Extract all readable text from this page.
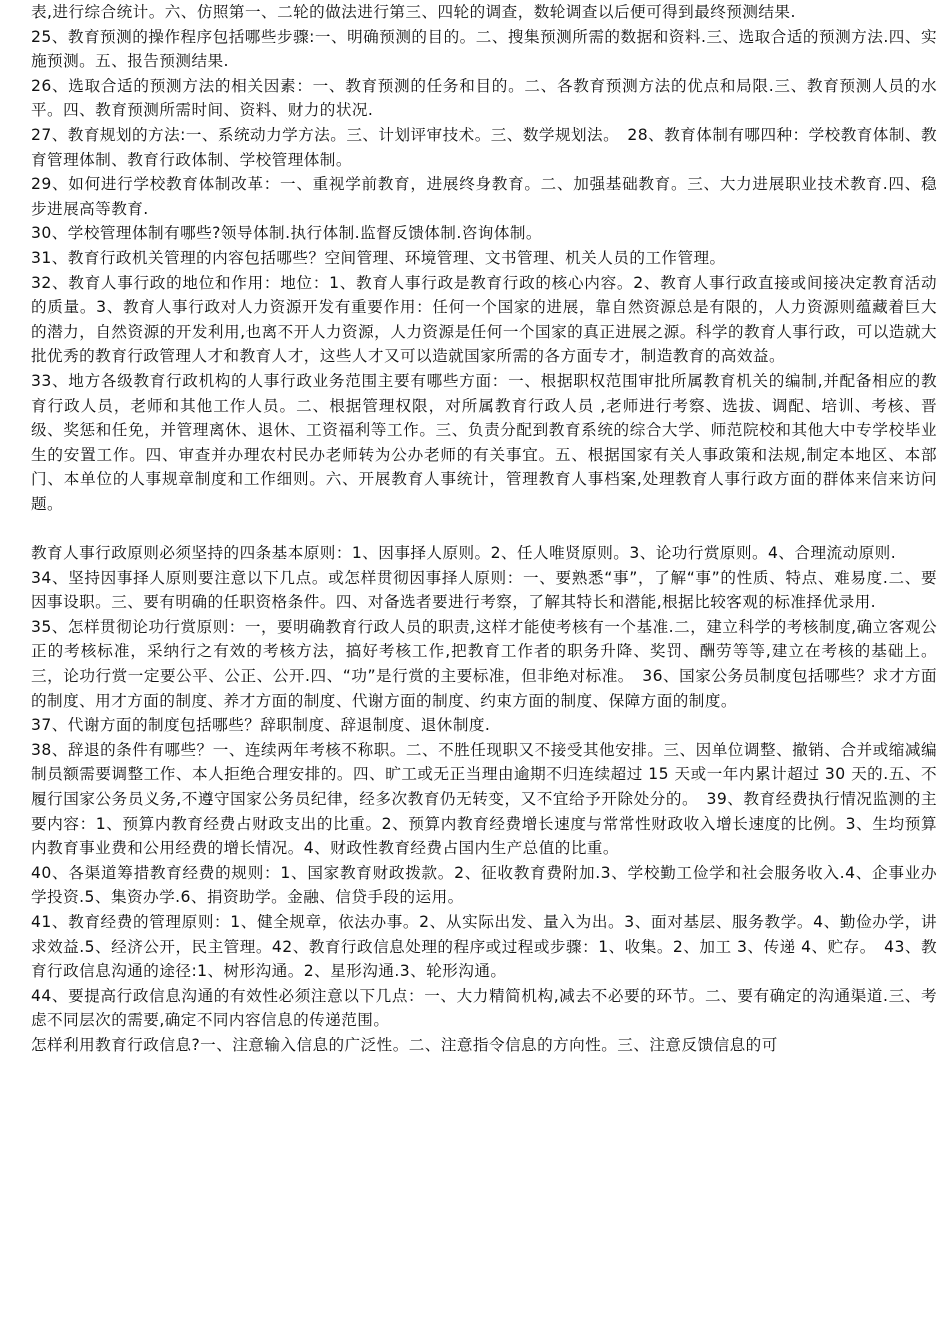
表,进行综合统计。六、仿照第一、二轮的做法进行第三、四轮的调查，数轮调查以后便可得到最终预测结果.

25、教育预测的操作程序包括哪些步骤:一、明确预测的目的。二、搜集预测所需的数据和资料.三、选取合适的预测方法.四、实施预测。五、报告预测结果.

26、选取合适的预测方法的相关因素：一、教育预测的任务和目的。二、各教育预测方法的优点和局限.三、教育预测人员的水平。四、教育预测所需时间、资料、财力的状况.

27、教育规划的方法:一、系统动力学方法。三、计划评审技术。三、数学规划法。　28、教育体制有哪四种：学校教育体制、教育管理体制、教育行政体制、学校管理体制。

29、如何进行学校教育体制改革：一、重视学前教育，进展终身教育。二、加强基础教育。三、大力进展职业技术教育.四、稳步进展高等教育.

30、学校管理体制有哪些?领导体制.执行体制.监督反馈体制.咨询体制。

31、教育行政机关管理的内容包括哪些？空间管理、环境管理、文书管理、机关人员的工作管理。

32、教育人事行政的地位和作用：地位：1、教育人事行政是教育行政的核心内容。2、教育人事行政直接或间接决定教育活动的质量。3、教育人事行政对人力资源开发有重要作用：任何一个国家的进展，靠自然资源总是有限的，人力资源则蕴藏着巨大的潜力，自然资源的开发利用,也离不开人力资源，人力资源是任何一个国家的真正进展之源。科学的教育人事行政，可以造就大批优秀的教育行政管理人才和教育人才，这些人才又可以造就国家所需的各方面专才，制造教育的高效益。

33、地方各级教育行政机构的人事行政业务范围主要有哪些方面：一、根据职权范围审批所属教育机关的编制,并配备相应的教育行政人员，老师和其他工作人员。二、根据管理权限，对所属教育行政人员 ,老师进行考察、选拔、调配、培训、考核、晋级、奖惩和任免，并管理离休、退休、工资福利等工作。三、负责分配到教育系统的综合大学、师范院校和其他大中专学校毕业生的安置工作。四、审查并办理农村民办老师转为公办老师的有关事宜。五、根据国家有关人事政策和法规,制定本地区、本部门、本单位的人事规章制度和工作细则。六、开展教育人事统计，管理教育人事档案,处理教育人事行政方面的群体来信来访问题。

教育人事行政原则必须坚持的四条基本原则：1、因事择人原则。2、任人唯贤原则。3、论功行赏原则。4、合理流动原则.

34、坚持因事择人原则要注意以下几点。或怎样贯彻因事择人原则：一、要熟悉“事”，了解“事”的性质、特点、难易度.二、要因事设职。三、要有明确的任职资格条件。四、对备选者要进行考察，了解其特长和潜能,根据比较客观的标准择优录用.

35、怎样贯彻论功行赏原则：一，要明确教育行政人员的职责,这样才能使考核有一个基准.二，建立科学的考核制度,确立客观公正的考核标准，采纳行之有效的考核方法，搞好考核工作,把教育工作者的职务升降、奖罚、酬劳等等,建立在考核的基础上。三，论功行赏一定要公平、公正、公开.四、“功”是行赏的主要标准，但非绝对标准。　36、国家公务员制度包括哪些？求才方面的制度、用才方面的制度、养才方面的制度、代谢方面的制度、约束方面的制度、保障方面的制度。

37、代谢方面的制度包括哪些？辞职制度、辞退制度、退休制度.

38、辞退的条件有哪些？一、连续两年考核不称职。二、不胜任现职又不接受其他安排。三、因单位调整、撤销、合并或缩减编制员额需要调整工作、本人拒绝合理安排的。四、旷工或无正当理由逾期不归连续超过 15 天或一年内累计超过 30 天的.五、不履行国家公务员义务,不遵守国家公务员纪律，经多次教育仍无转变，又不宜给予开除处分的。　39、教育经费执行情况监测的主要内容：1、预算内教育经费占财政支出的比重。2、预算内教育经费增长速度与常常性财政收入增长速度的比例。3、生均预算内教育事业费和公用经费的增长情况。4、财政性教育经费占国内生产总值的比重。

40、各渠道筹措教育经费的规则：1、国家教育财政拨款。2、征收教育费附加.3、学校勤工俭学和社会服务收入.4、企事业办学投资.5、集资办学.6、捐资助学。金融、信贷手段的运用。

41、教育经费的管理原则：1、健全规章，依法办事。2、从实际出发、量入为出。3、面对基层、服务教学。4、勤俭办学，讲求效益.5、经济公开，民主管理。42、教育行政信息处理的程序或过程或步骤：1、收集。2、加工 3、传递 4、贮存。　43、教育行政信息沟通的途径:1、树形沟通。2、星形沟通.3、轮形沟通。

44、要提高行政信息沟通的有效性必须注意以下几点：一、大力精简机构,减去不必要的环节。二、要有确定的沟通渠道.三、考虑不同层次的需要,确定不同内容信息的传递范围。

怎样利用教育行政信息?一、注意输入信息的广泛性。二、注意指令信息的方向性。三、注意反馈信息的可
